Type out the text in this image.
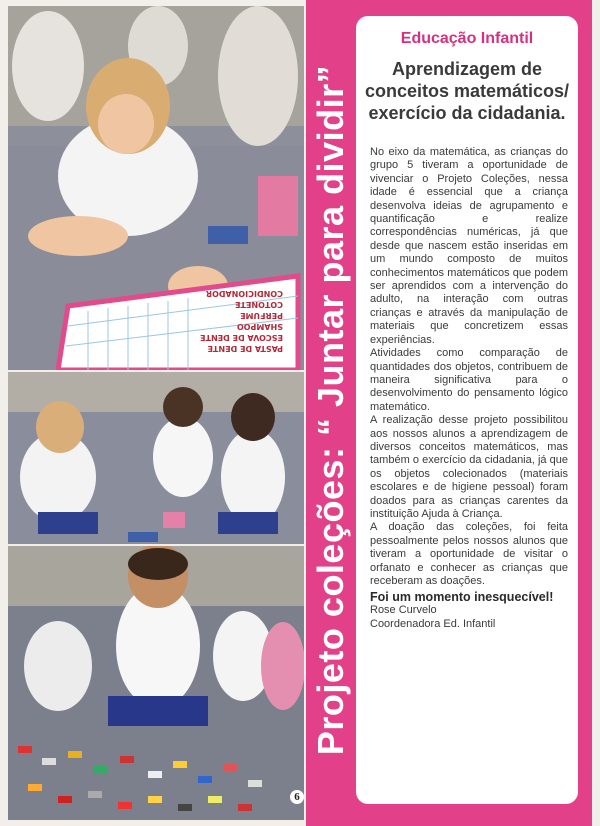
PASTA DE DENTE
ESCOVA DE DENTE
SHAMPOO
PERFUME
COTONETE
CONDICIONADOR
6
Projeto coleções: “ Juntar para dividir”
Educação Infantil
Aprendizagem de conceitos matemáticos/ exercício da cidadania.

No eixo da matemática, as crianças do grupo 5 tiveram a oportunidade de vivenciar o Projeto Coleções, nessa idade é essencial que a criança desenvolva ideias de agrupamento e quantificação e realize correspondências numéricas, já que desde que nascem estão inseridas em um mundo composto de muitos conhecimentos matemáticos que podem ser aprendidos com a intervenção do adulto, na interação com outras crianças e através da manipulação de materiais que concretizem essas experiências.

Atividades como comparação de quantidades dos objetos, contribuem de maneira significativa para o desenvolvimento do pensamento lógico matemático.

A realização desse projeto possibilitou aos nossos alunos a aprendizagem de diversos conceitos matemáticos, mas também o exercício da cidadania, já que os objetos colecionados (materiais escolares e de higiene pessoal) foram doados para as crianças carentes da instituição Ajuda à Criança.

A doação das coleções, foi feita pessoalmente pelos nossos alunos que tiveram a oportunidade de visitar o orfanato e conhecer as crianças que receberam as doações.

Foi um momento inesquecível!
Rose Curvelo
Coordenadora Ed. Infantil
